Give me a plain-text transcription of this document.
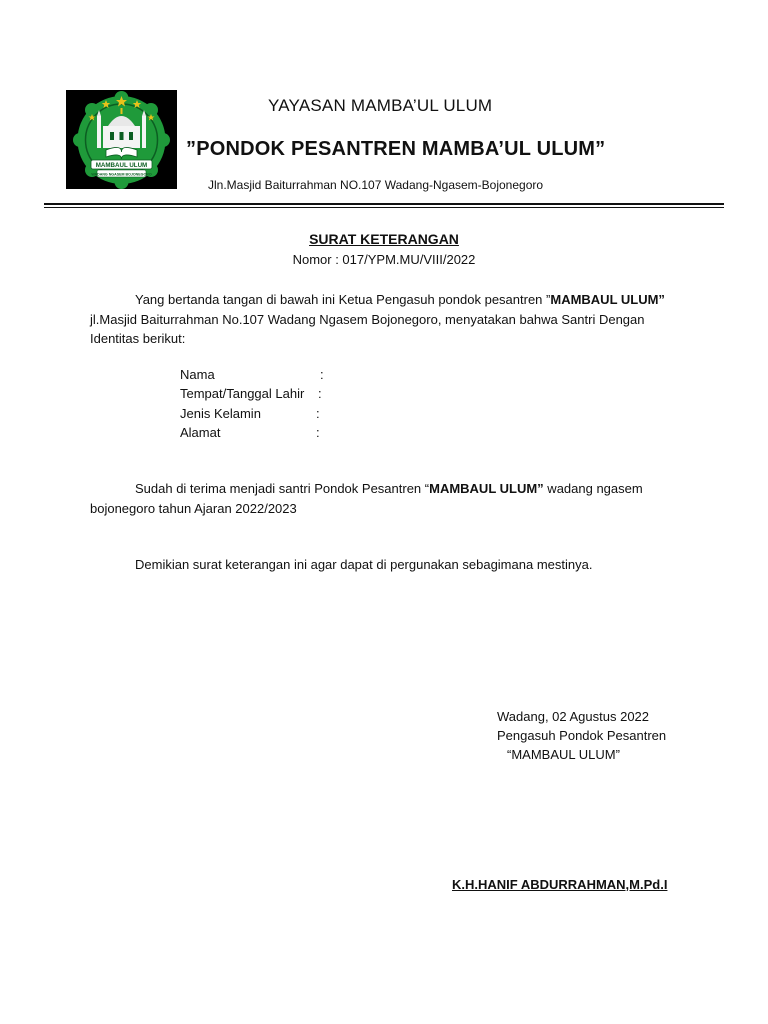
MAMBAUL ULUM
WADANG NGASEM BOJONEGORO
YAYASAN MAMBA’UL ULUM
”PONDOK PESANTREN MAMBA’UL ULUM”
Jln.Masjid Baiturrahman NO.107 Wadang-Ngasem-Bojonegoro
SURAT KETERANGAN
Nomor : 017/YPM.MU/VIII/2022
Yang bertanda tangan di bawah ini Ketua Pengasuh pondok pesantren ”MAMBAUL ULUM” jl.Masjid Baiturrahman No.107 Wadang Ngasem Bojonegoro, menyatakan bahwa Santri Dengan Identitas berikut:
Nama	:
Tempat/Tanggal Lahir :
Jenis Kelamin	:
Alamat	:
Sudah di terima menjadi santri Pondok Pesantren “MAMBAUL ULUM” wadang ngasem bojonegoro tahun Ajaran 2022/2023
Demikian surat keterangan ini agar dapat di pergunakan sebagimana mestinya.
Wadang, 02 Agustus 2022
Pengasuh Pondok Pesantren
“MAMBAUL ULUM”
K.H.HANIF ABDURRAHMAN,M.Pd.I
